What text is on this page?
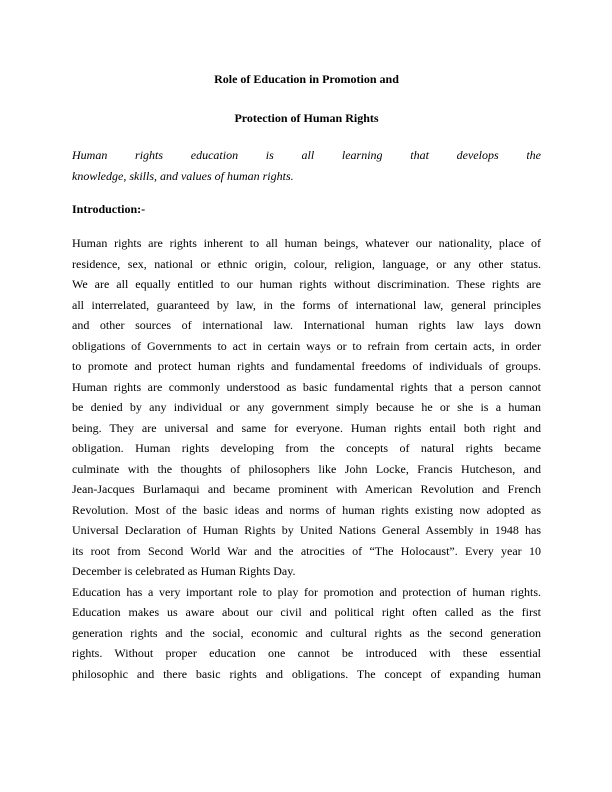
Role of Education in Promotion and
Protection of Human Rights
Human rights education is all learning that develops the
knowledge, skills, and values of human rights.
Introduction:-
Human rights are rights inherent to all human beings, whatever our nationality, place of
residence, sex, national or ethnic origin, colour, religion, language, or any other status.
We are all equally entitled to our human rights without discrimination. These rights are
all interrelated, guaranteed by law, in the forms of international law, general principles
and other sources of international law. International human rights law lays down
obligations of Governments to act in certain ways or to refrain from certain acts, in order
to promote and protect human rights and fundamental freedoms of individuals of groups.
Human rights are commonly understood as basic fundamental rights that a person cannot
be denied by any individual or any government simply because he or she is a human
being. They are universal and same for everyone. Human rights entail both right and
obligation. Human rights developing from the concepts of natural rights became
culminate with the thoughts of philosophers like John Locke, Francis Hutcheson, and
Jean-Jacques Burlamaqui and became prominent with American Revolution and French
Revolution. Most of the basic ideas and norms of human rights existing now adopted as
Universal Declaration of Human Rights by United Nations General Assembly in 1948 has
its root from Second World War and the atrocities of “The Holocaust”. Every year 10
December is celebrated as Human Rights Day.
Education has a very important role to play for promotion and protection of human rights.
Education makes us aware about our civil and political right often called as the first
generation rights and the social, economic and cultural rights as the second generation
rights. Without proper education one cannot be introduced with these essential
philosophic and there basic rights and obligations. The concept of expanding human
